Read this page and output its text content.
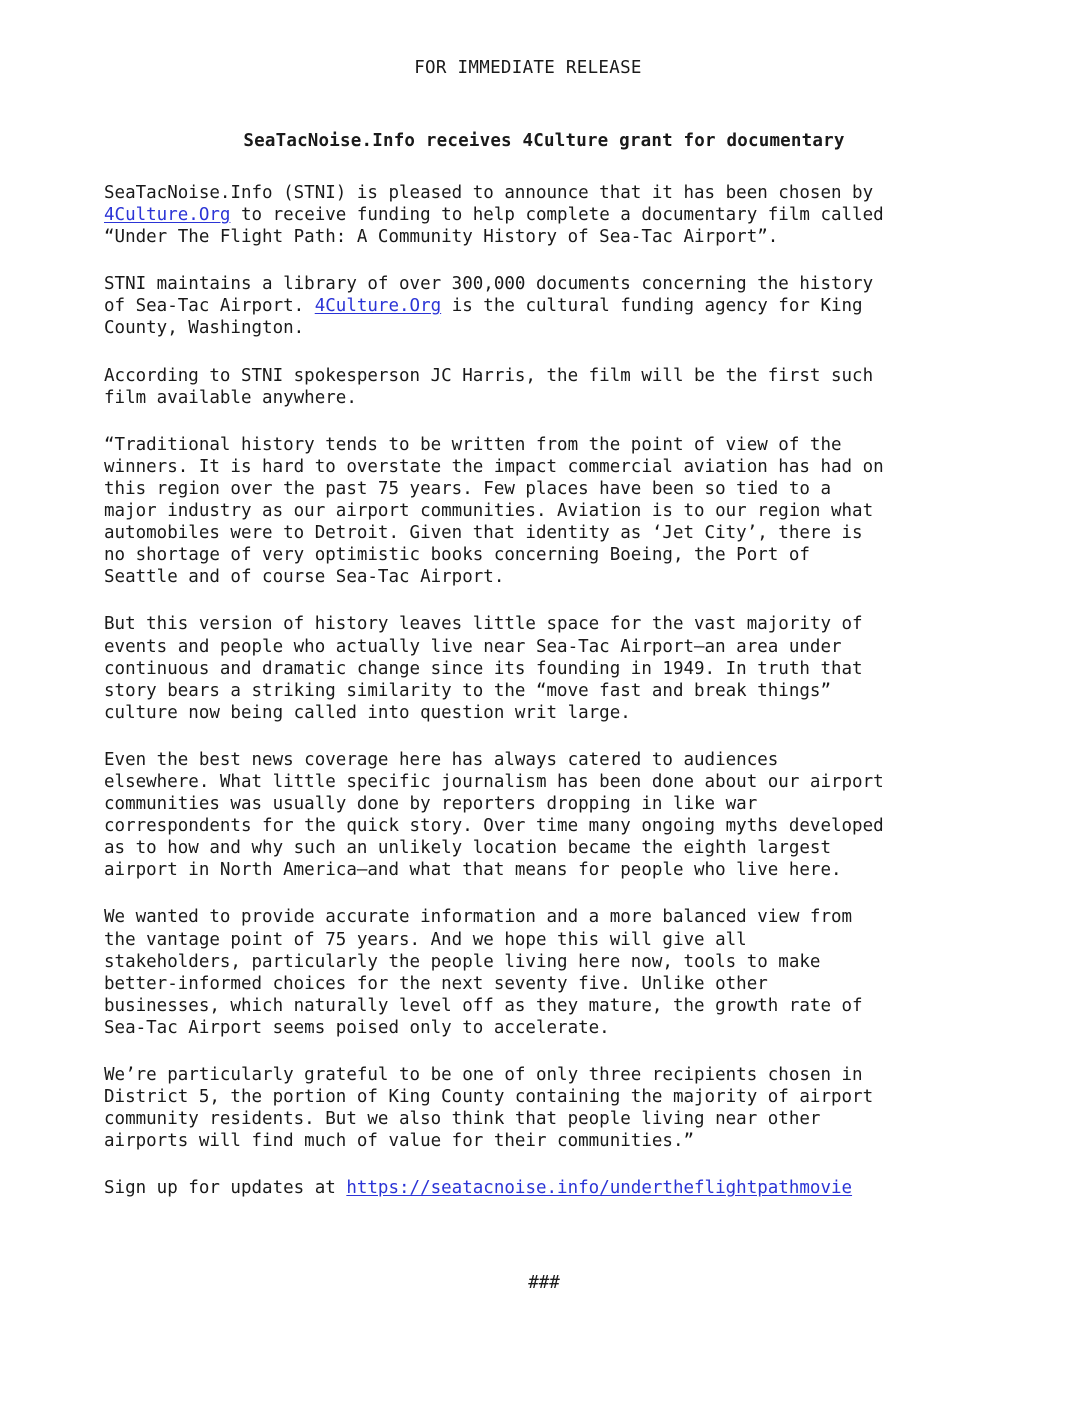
FOR IMMEDIATE RELEASE
SeaTacNoise.Info receives 4Culture grant for documentary
SeaTacNoise.Info (STNI) is pleased to announce that it has been chosen by
4Culture.Org to receive funding to help complete a documentary film called
“Under The Flight Path: A Community History of Sea-Tac Airport”.
STNI maintains a library of over 300,000 documents concerning the history
of Sea-Tac Airport. 4Culture.Org is the cultural funding agency for King
County, Washington.
According to STNI spokesperson JC Harris, the film will be the first such
film available anywhere.
“Traditional history tends to be written from the point of view of the
winners. It is hard to overstate the impact commercial aviation has had on
this region over the past 75 years. Few places have been so tied to a
major industry as our airport communities. Aviation is to our region what
automobiles were to Detroit. Given that identity as ‘Jet City’, there is
no shortage of very optimistic books concerning Boeing, the Port of
Seattle and of course Sea-Tac Airport.
But this version of history leaves little space for the vast majority of
events and people who actually live near Sea-Tac Airport–an area under
continuous and dramatic change since its founding in 1949. In truth that
story bears a striking similarity to the “move fast and break things”
culture now being called into question writ large.
Even the best news coverage here has always catered to audiences
elsewhere. What little specific journalism has been done about our airport
communities was usually done by reporters dropping in like war
correspondents for the quick story. Over time many ongoing myths developed
as to how and why such an unlikely location became the eighth largest
airport in North America–and what that means for people who live here.
We wanted to provide accurate information and a more balanced view from
the vantage point of 75 years. And we hope this will give all
stakeholders, particularly the people living here now, tools to make
better-informed choices for the next seventy five. Unlike other
businesses, which naturally level off as they mature, the growth rate of
Sea-Tac Airport seems poised only to accelerate.
We’re particularly grateful to be one of only three recipients chosen in
District 5, the portion of King County containing the majority of airport
community residents. But we also think that people living near other
airports will find much of value for their communities.”
Sign up for updates at https://seatacnoise.info/undertheflightpathmovie
###
